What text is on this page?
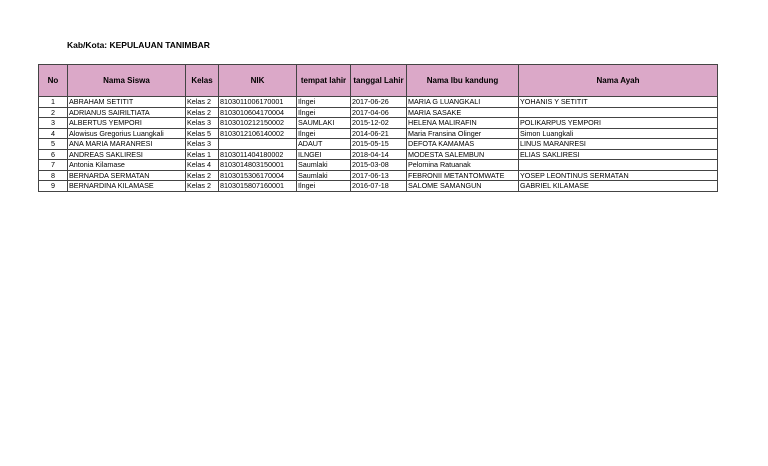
Kab/Kota: KEPULAUAN TANIMBAR
No	Nama Siswa	Kelas	NIK	tempat lahir	tanggal Lahir	Nama Ibu kandung	Nama Ayah
1	ABRAHAM SETITIT	Kelas 2	8103011006170001	Ilngei	2017-06-26	MARIA G LUANGKALI	YOHANIS Y SETITIT
2	ADRIANUS SAIRILTIATA	Kelas 2	8103010604170004	Ilngei	2017-04-06	MARIA SASAKE	
3	ALBERTUS YEMPORI	Kelas 3	8103010212150002	SAUMLAKI	2015-12-02	HELENA MALIRAFIN	POLIKARPUS YEMPORI
4	Alowisus Gregorius Luangkali	Kelas 5	8103012106140002	Ilngei	2014-06-21	Maria Fransina Olinger	Simon Luangkali
5	ANA MARIA MARANRESI	Kelas 3		ADAUT	2015-05-15	DEFOTA KAMAMAS	LINUS MARANRESI
6	ANDREAS SAKLIRESI	Kelas 1	8103011404180002	ILNGEI	2018-04-14	MODESTA SALEMBUN	ELIAS SAKLIRESI
7	Antonia Kilamase	Kelas 4	8103014803150001	Saumlaki	2015-03-08	Pelomina Ratuanak	
8	BERNARDA SERMATAN	Kelas 2	8103015306170004	Saumlaki	2017-06-13	FEBRONII METANTOMWATE	YOSEP LEONTINUS SERMATAN
9	BERNARDINA KILAMASE	Kelas 2	8103015807160001	Ilngei	2016-07-18	SALOME SAMANGUN	GABRIEL KILAMASE
